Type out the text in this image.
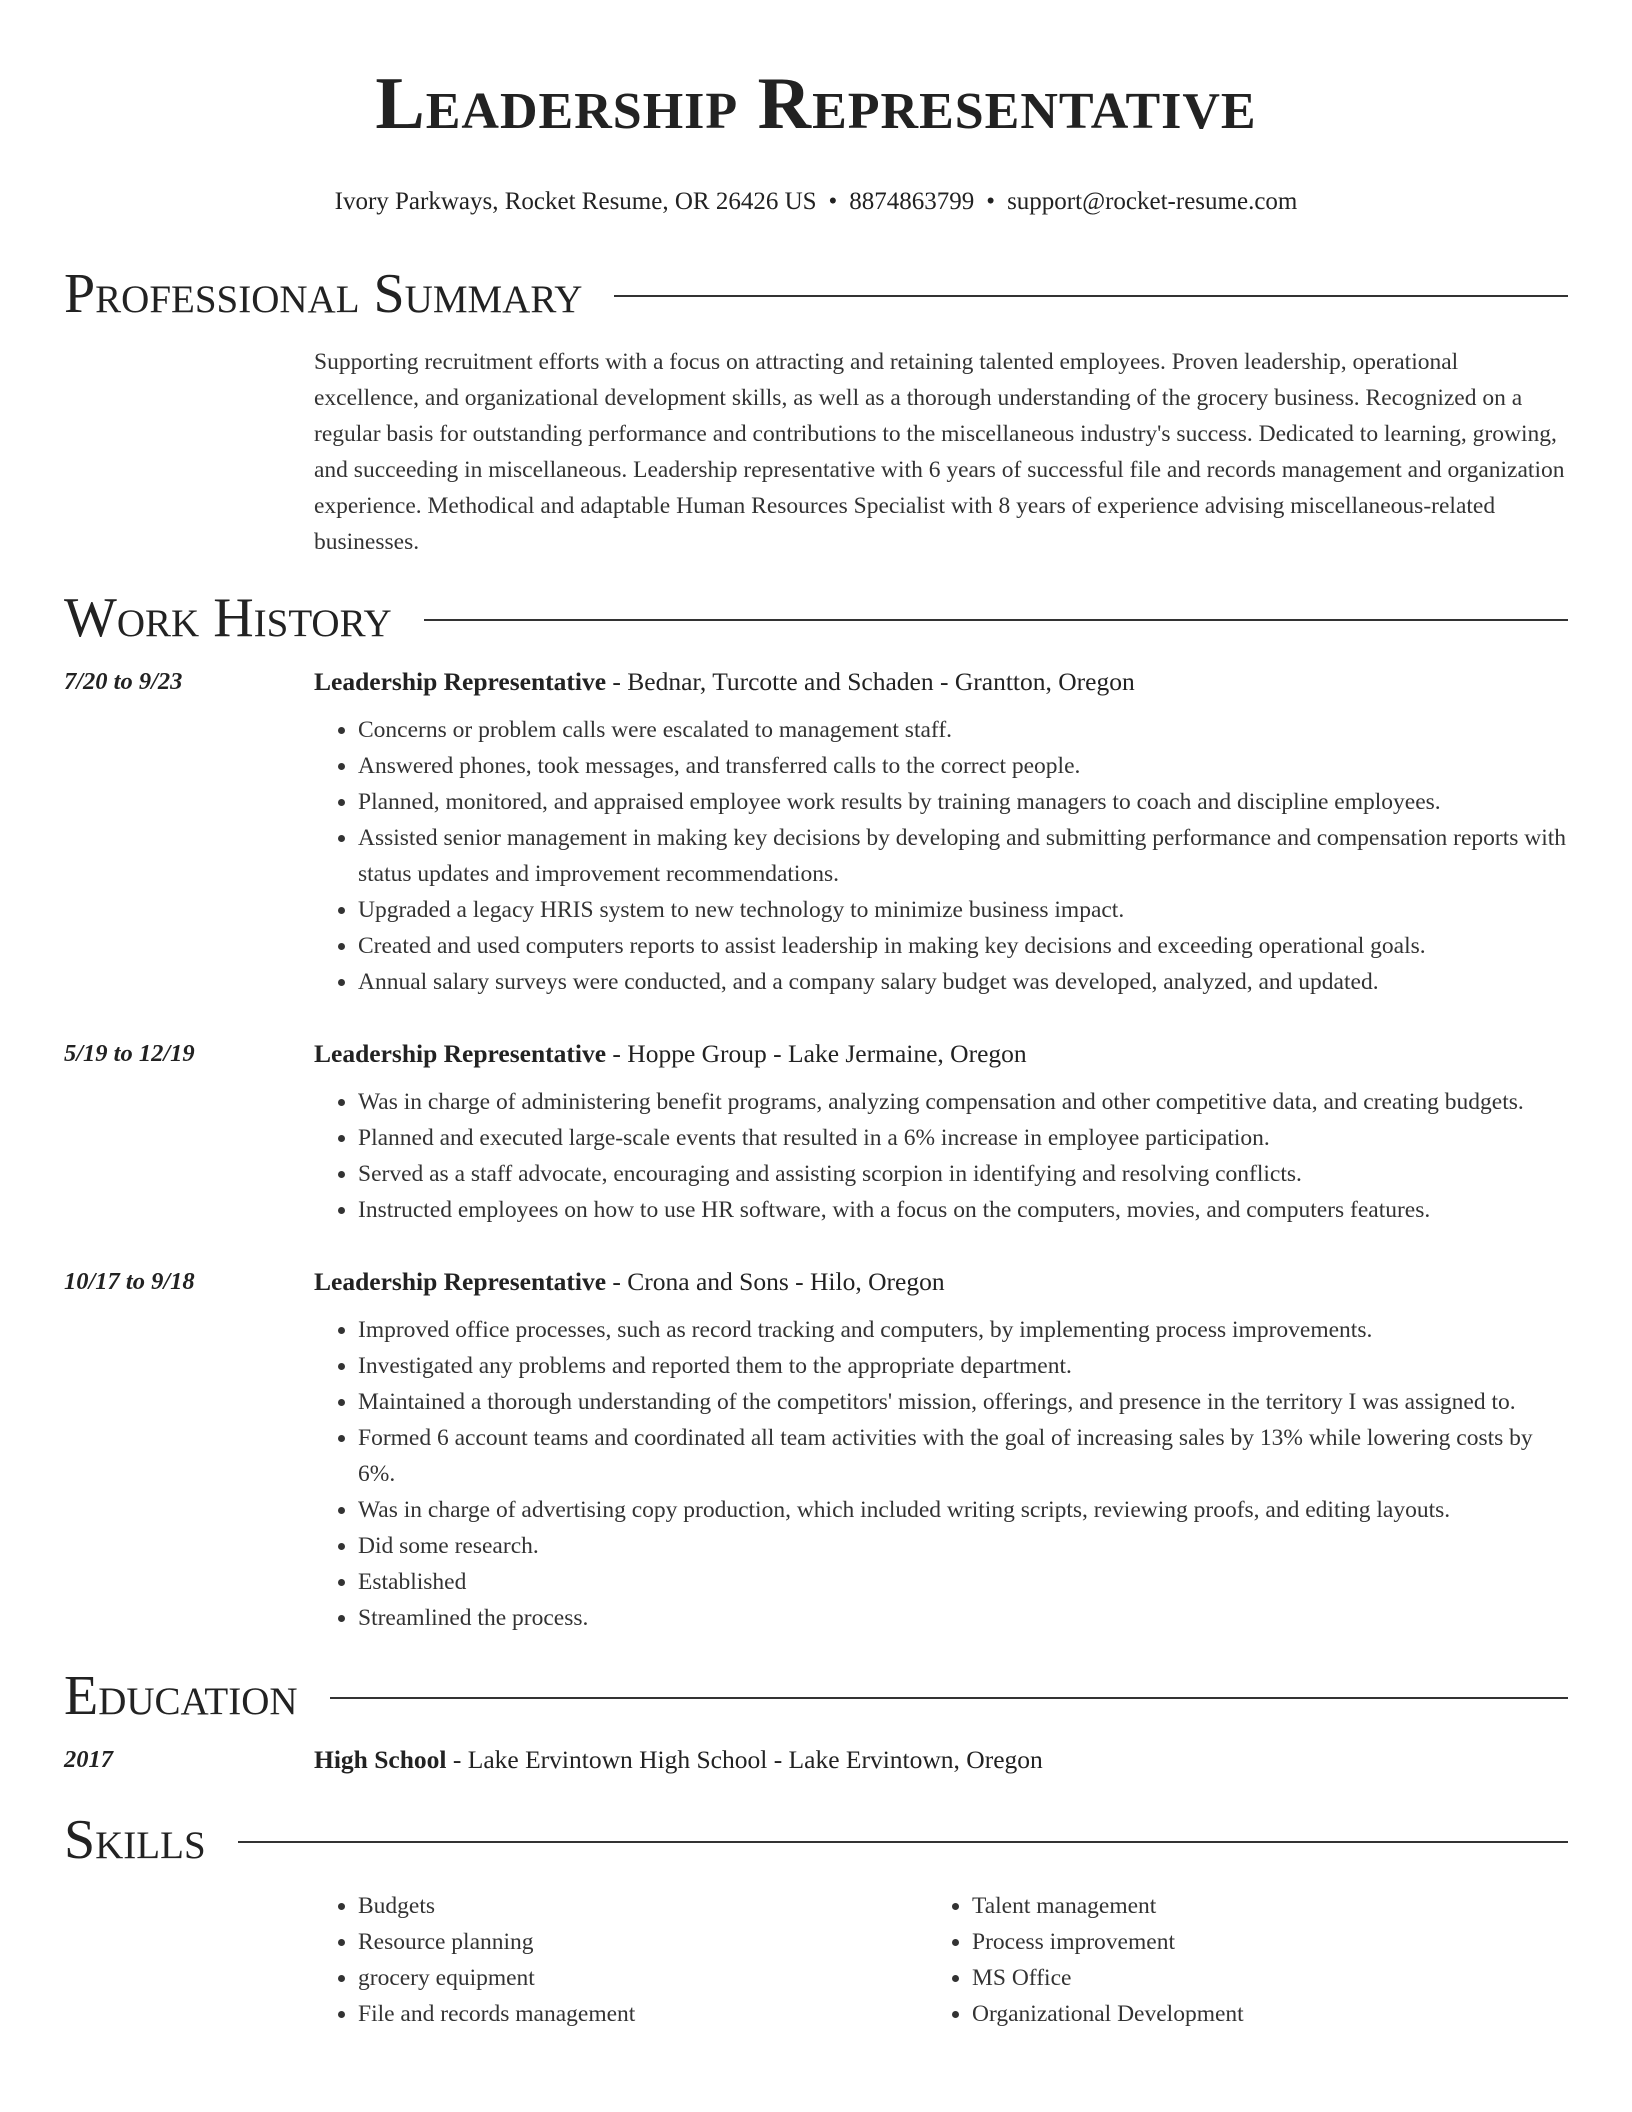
Leadership Representative
Ivory Parkways, Rocket Resume, OR 26426 US • 8874863799 • support@rocket-resume.com
Professional Summary
Supporting recruitment efforts with a focus on attracting and retaining talented employees. Proven leadership, operational excellence, and organizational development skills, as well as a thorough understanding of the grocery business. Recognized on a regular basis for outstanding performance and contributions to the miscellaneous industry's success. Dedicated to learning, growing, and succeeding in miscellaneous. Leadership representative with 6 years of successful file and records management and organization experience. Methodical and adaptable Human Resources Specialist with 8 years of experience advising miscellaneous-related businesses.
Work History
7/20 to 9/23	Leadership Representative - Bednar, Turcotte and Schaden - Grantton, Oregon
• Concerns or problem calls were escalated to management staff.
• Answered phones, took messages, and transferred calls to the correct people.
• Planned, monitored, and appraised employee work results by training managers to coach and discipline employees.
• Assisted senior management in making key decisions by developing and submitting performance and compensation reports with status updates and improvement recommendations.
• Upgraded a legacy HRIS system to new technology to minimize business impact.
• Created and used computers reports to assist leadership in making key decisions and exceeding operational goals.
• Annual salary surveys were conducted, and a company salary budget was developed, analyzed, and updated.
5/19 to 12/19	Leadership Representative - Hoppe Group - Lake Jermaine, Oregon
• Was in charge of administering benefit programs, analyzing compensation and other competitive data, and creating budgets.
• Planned and executed large-scale events that resulted in a 6% increase in employee participation.
• Served as a staff advocate, encouraging and assisting scorpion in identifying and resolving conflicts.
• Instructed employees on how to use HR software, with a focus on the computers, movies, and computers features.
10/17 to 9/18	Leadership Representative - Crona and Sons - Hilo, Oregon
• Improved office processes, such as record tracking and computers, by implementing process improvements.
• Investigated any problems and reported them to the appropriate department.
• Maintained a thorough understanding of the competitors' mission, offerings, and presence in the territory I was assigned to.
• Formed 6 account teams and coordinated all team activities with the goal of increasing sales by 13% while lowering costs by 6%.
• Was in charge of advertising copy production, which included writing scripts, reviewing proofs, and editing layouts.
• Did some research.
• Established
• Streamlined the process.
Education
2017	High School - Lake Ervintown High School - Lake Ervintown, Oregon
Skills
• Budgets
• Resource planning
• grocery equipment
• File and records management
• Talent management
• Process improvement
• MS Office
• Organizational Development
